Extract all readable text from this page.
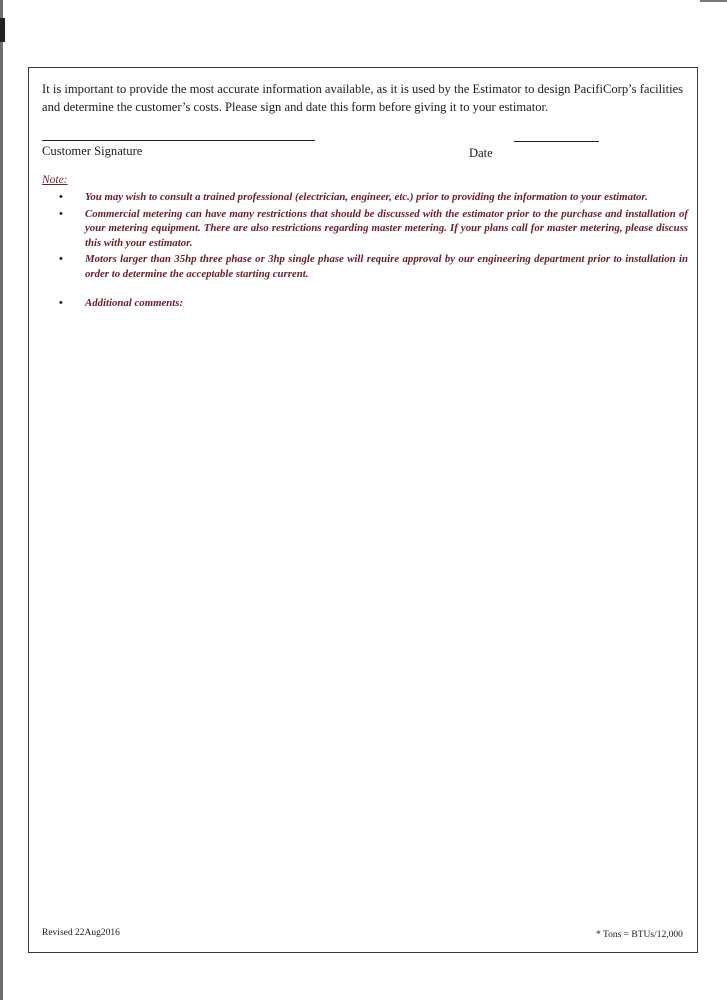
It is important to provide the most accurate information available, as it is used by the Estimator to design PacifiCorp’s facilities and determine the customer’s costs. Please sign and date this form before giving it to your estimator.

Customer Signature	Date
Note:
• You may wish to consult a trained professional (electrician, engineer, etc.) prior to providing the information to your estimator.
• Commercial metering can have many restrictions that should be discussed with the estimator prior to the purchase and installation of your metering equipment. There are also restrictions regarding master metering. If your plans call for master metering, please discuss this with your estimator.
• Motors larger than 35hp three phase or 3hp single phase will require approval by our engineering department prior to installation in order to determine the acceptable starting current.
• Additional comments:
Revised 22Aug2016	* Tons = BTUs/12,000
